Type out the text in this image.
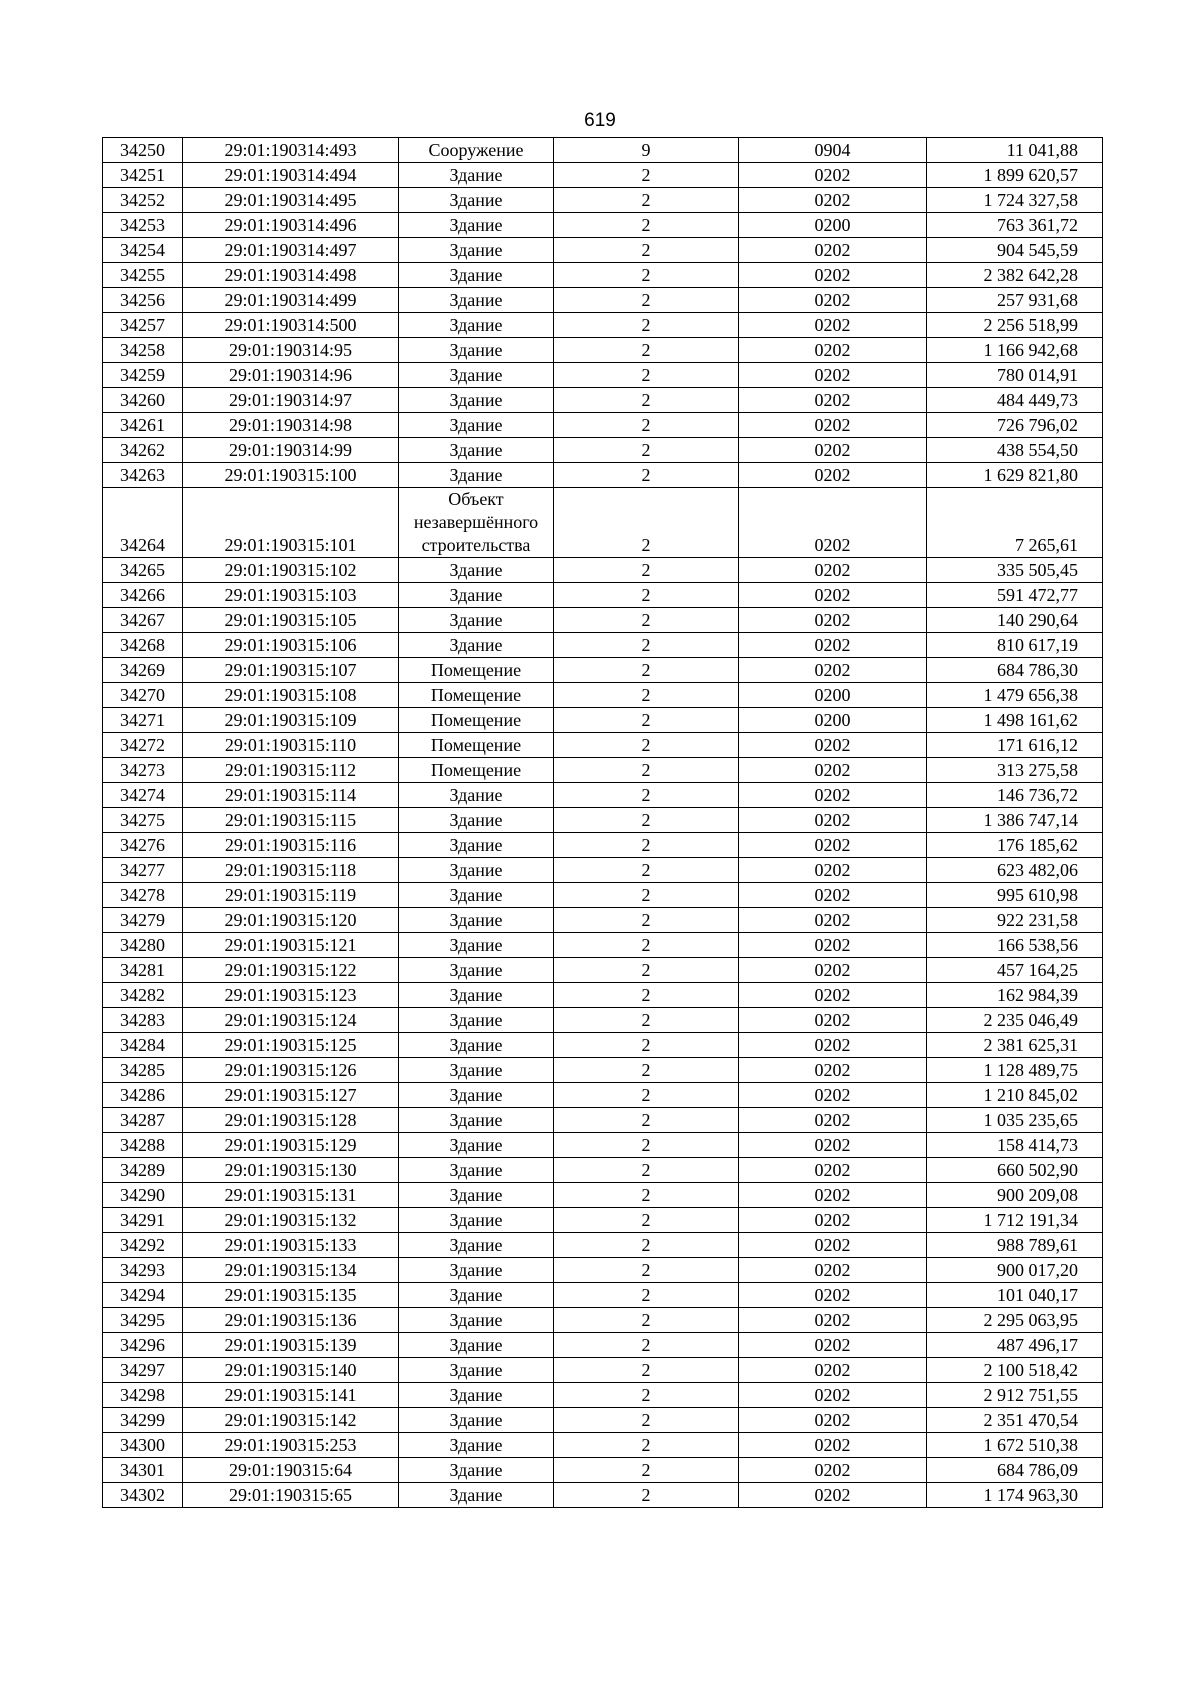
619
34250	29:01:190314:493	Сооружение	9	0904	11 041,88
34251	29:01:190314:494	Здание	2	0202	1 899 620,57
34252	29:01:190314:495	Здание	2	0202	1 724 327,58
34253	29:01:190314:496	Здание	2	0200	763 361,72
34254	29:01:190314:497	Здание	2	0202	904 545,59
34255	29:01:190314:498	Здание	2	0202	2 382 642,28
34256	29:01:190314:499	Здание	2	0202	257 931,68
34257	29:01:190314:500	Здание	2	0202	2 256 518,99
34258	29:01:190314:95	Здание	2	0202	1 166 942,68
34259	29:01:190314:96	Здание	2	0202	780 014,91
34260	29:01:190314:97	Здание	2	0202	484 449,73
34261	29:01:190314:98	Здание	2	0202	726 796,02
34262	29:01:190314:99	Здание	2	0202	438 554,50
34263	29:01:190315:100	Здание	2	0202	1 629 821,80
34264	29:01:190315:101	Объект незавершённого строительства	2	0202	7 265,61
34265	29:01:190315:102	Здание	2	0202	335 505,45
34266	29:01:190315:103	Здание	2	0202	591 472,77
34267	29:01:190315:105	Здание	2	0202	140 290,64
34268	29:01:190315:106	Здание	2	0202	810 617,19
34269	29:01:190315:107	Помещение	2	0202	684 786,30
34270	29:01:190315:108	Помещение	2	0200	1 479 656,38
34271	29:01:190315:109	Помещение	2	0200	1 498 161,62
34272	29:01:190315:110	Помещение	2	0202	171 616,12
34273	29:01:190315:112	Помещение	2	0202	313 275,58
34274	29:01:190315:114	Здание	2	0202	146 736,72
34275	29:01:190315:115	Здание	2	0202	1 386 747,14
34276	29:01:190315:116	Здание	2	0202	176 185,62
34277	29:01:190315:118	Здание	2	0202	623 482,06
34278	29:01:190315:119	Здание	2	0202	995 610,98
34279	29:01:190315:120	Здание	2	0202	922 231,58
34280	29:01:190315:121	Здание	2	0202	166 538,56
34281	29:01:190315:122	Здание	2	0202	457 164,25
34282	29:01:190315:123	Здание	2	0202	162 984,39
34283	29:01:190315:124	Здание	2	0202	2 235 046,49
34284	29:01:190315:125	Здание	2	0202	2 381 625,31
34285	29:01:190315:126	Здание	2	0202	1 128 489,75
34286	29:01:190315:127	Здание	2	0202	1 210 845,02
34287	29:01:190315:128	Здание	2	0202	1 035 235,65
34288	29:01:190315:129	Здание	2	0202	158 414,73
34289	29:01:190315:130	Здание	2	0202	660 502,90
34290	29:01:190315:131	Здание	2	0202	900 209,08
34291	29:01:190315:132	Здание	2	0202	1 712 191,34
34292	29:01:190315:133	Здание	2	0202	988 789,61
34293	29:01:190315:134	Здание	2	0202	900 017,20
34294	29:01:190315:135	Здание	2	0202	101 040,17
34295	29:01:190315:136	Здание	2	0202	2 295 063,95
34296	29:01:190315:139	Здание	2	0202	487 496,17
34297	29:01:190315:140	Здание	2	0202	2 100 518,42
34298	29:01:190315:141	Здание	2	0202	2 912 751,55
34299	29:01:190315:142	Здание	2	0202	2 351 470,54
34300	29:01:190315:253	Здание	2	0202	1 672 510,38
34301	29:01:190315:64	Здание	2	0202	684 786,09
34302	29:01:190315:65	Здание	2	0202	1 174 963,30
